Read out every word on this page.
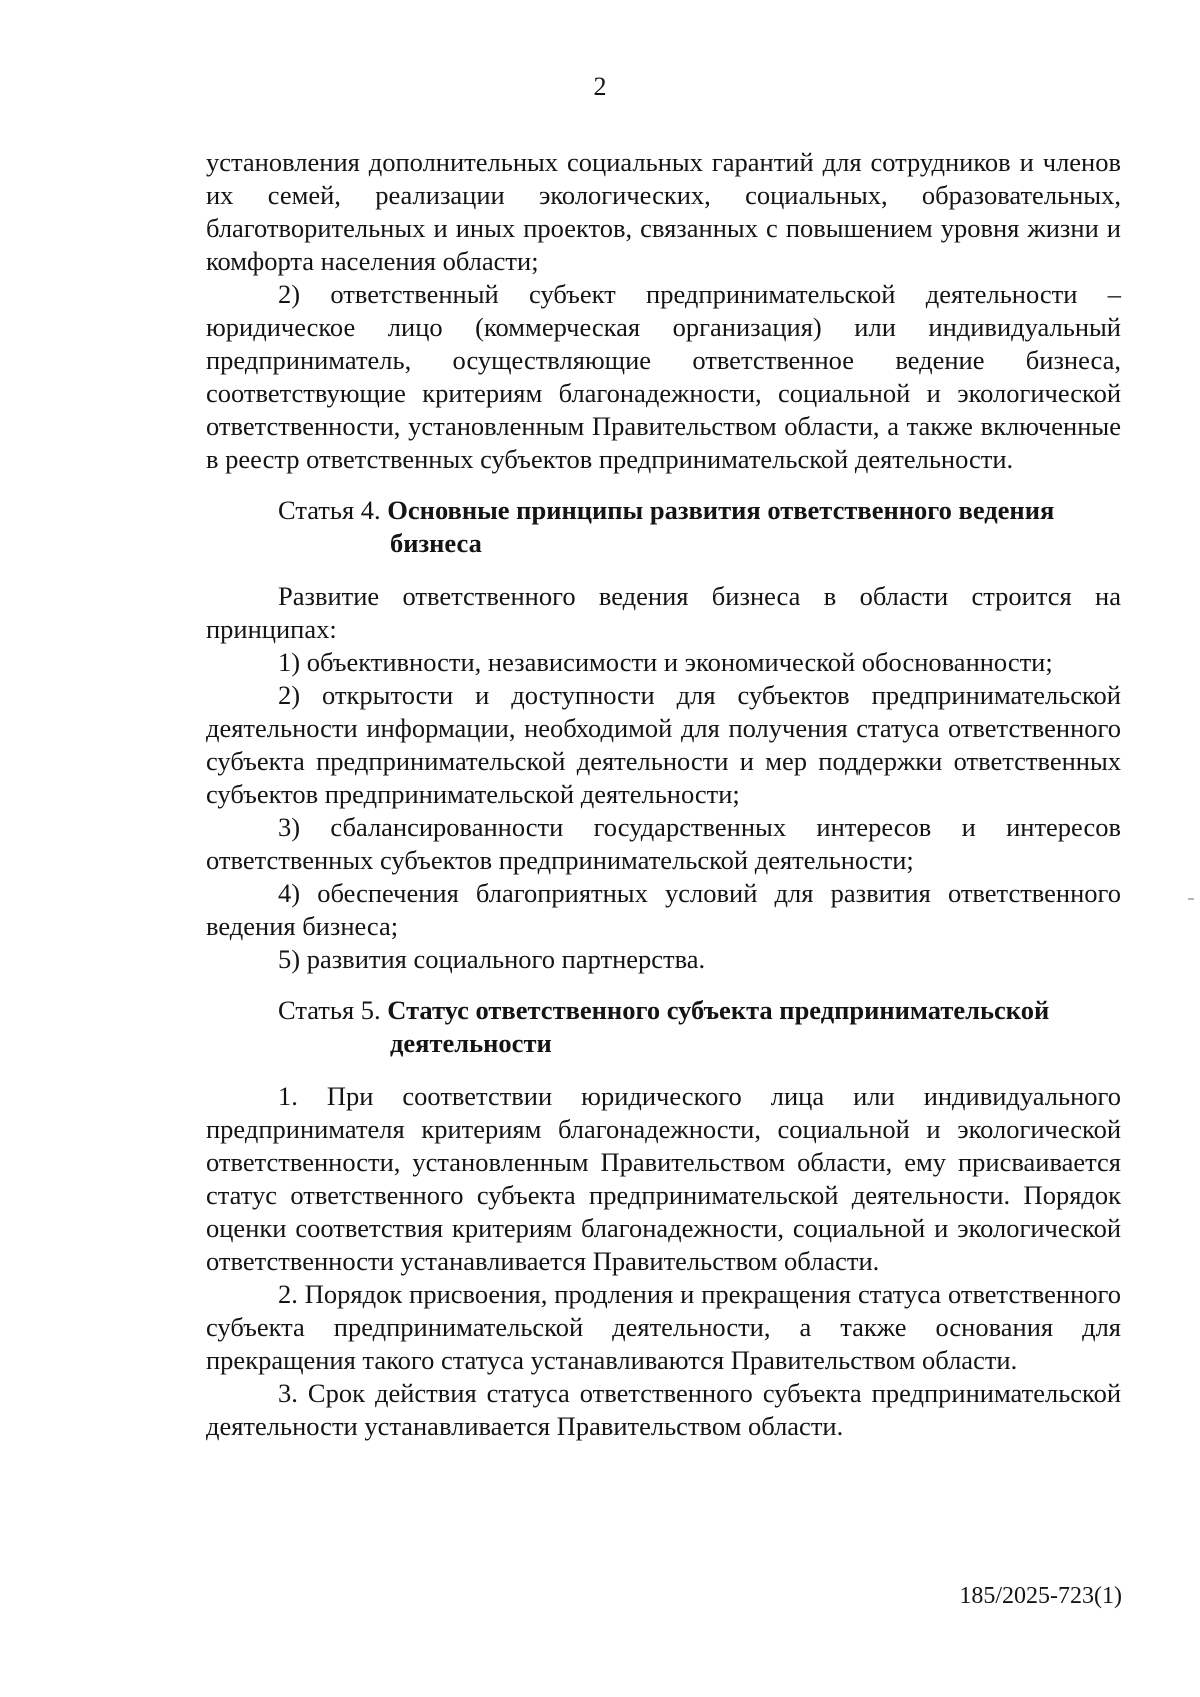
2

установления дополнительных социальных гарантий для сотрудников и членов их семей, реализации экологических, социальных, образовательных, благотворительных и иных проектов, связанных с повышением уровня жизни и комфорта населения области;

2) ответственный субъект предпринимательской деятельности – юридическое лицо (коммерческая организация) или индивидуальный предприниматель, осуществляющие ответственное ведение бизнеса, соответствующие критериям благонадежности, социальной и экологической ответственности, установленным Правительством области, а также включенные в реестр ответственных субъектов предпринимательской деятельности.

Статья 4. Основные принципы развития ответственного ведения бизнеса

Развитие ответственного ведения бизнеса в области строится на принципах:

1) объективности, независимости и экономической обоснованности;

2) открытости и доступности для субъектов предпринимательской деятельности информации, необходимой для получения статуса ответственного субъекта предпринимательской деятельности и мер поддержки ответственных субъектов предпринимательской деятельности;

3) сбалансированности государственных интересов и интересов ответственных субъектов предпринимательской деятельности;

4) обеспечения благоприятных условий для развития ответственного ведения бизнеса;

5) развития социального партнерства.

Статья 5. Статус ответственного субъекта предпринимательской деятельности

1. При соответствии юридического лица или индивидуального предпринимателя критериям благонадежности, социальной и экологической ответственности, установленным Правительством области, ему присваивается статус ответственного субъекта предпринимательской деятельности. Порядок оценки соответствия критериям благонадежности, социальной и экологической ответственности устанавливается Правительством области.

2. Порядок присвоения, продления и прекращения статуса ответственного субъекта предпринимательской деятельности, а также основания для прекращения такого статуса устанавливаются Правительством области.

3. Срок действия статуса ответственного субъекта предпринимательской деятельности устанавливается Правительством области.

185/2025-723(1)
